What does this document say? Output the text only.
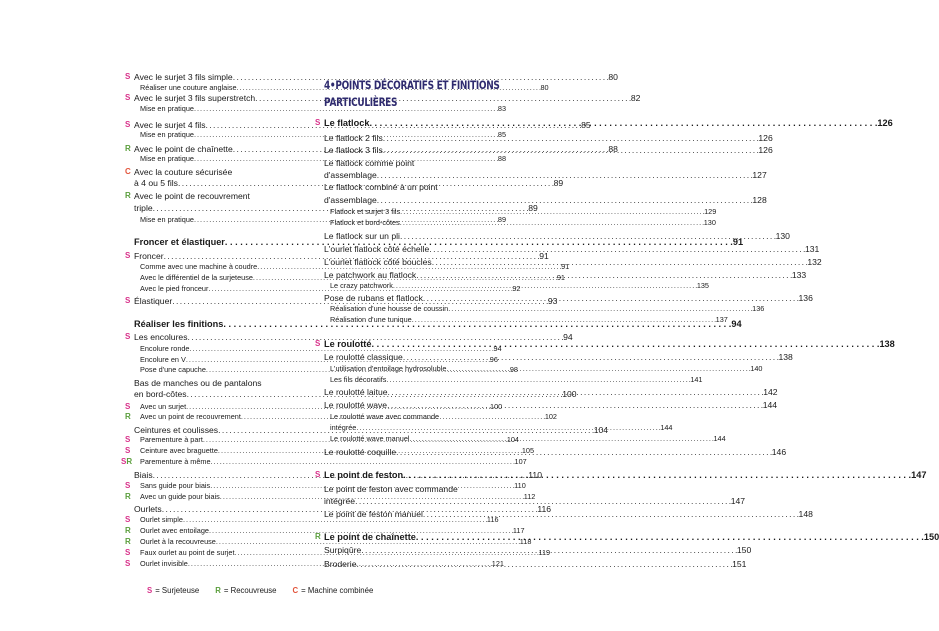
S Avec le surjet 3 fils simple . . .	80
Réaliser une couture anglaise . . .	80
S Avec le surjet 3 fils superstretch . . .	82
Mise en pratique . . .	83
S Avec le surjet 4 fils . . .	85
Mise en pratique . . .	85
R Avec le point de chaînette . . .	88
Mise en pratique . . .	88
C Avec la couture sécurisée
à 4 ou 5 fils . . .	89
R Avec le point de recouvrement
triple . . .	89
Mise en pratique . . .	89
Froncer et élastiquer . . .	91
S Froncer . . .	91
Comme avec une machine à coudre . . .	91
Avec le différentiel de la surjeteuse . . .	91
Avec le pied fronceur . . .	92
S Élastiquer . . .	93
Réaliser les finitions . . .	94
S Les encolures . . .	94
Encolure ronde . . .	94
Encolure en V . . .	96
Pose d'une capuche . . .	98
Bas de manches ou de pantalons
en bord-côtes . . .	100
S	Avec un surjet . . .	100
R	Avec un point de recouvrement . . .	102
Ceintures et coulisses . . .	104
S	Parementure à part . . .	104
S	Ceinture avec braguette . . .	105
SR	Parementure à même . . .	107
Biais . . .	110
S	Sans guide pour biais . . .	110
R	Avec un guide pour biais . . .	112
Ourlets . . .	116
S	Ourlet simple . . .	116
R	Ourlet avec entoilage . . .	117
R	Ourlet à la recouvreuse . . .	118
S	Faux ourlet au point de surjet . . .	119
S	Ourlet invisible . . .	121
4•POINTS DÉCORATIFS ET FINITIONS
PARTICULIÈRES
S Le flatlock . . .	126
Le flatlock 2 fils . . .	126
Le flatlock 3 fils . . .	126
Le flatlock comme point
d'assemblage . . .	127
Le flatlock combiné à un point
d'assemblage . . .	128
Flatlock et surjet 3 fils . . .	129
Flatlock et bord-côtes . . .	130
Le flatlock sur un pli . . .	130
L'ourlet flatlock côté échelle . . .	131
L'ourlet flatlock côté boucles . . .	132
Le patchwork au flatlock . . .	133
Le crazy patchwork . . .	135
Pose de rubans et flatlock . . .	136
Réalisation d'une housse de coussin . . .	136
Réalisation d'une tunique . . .	137
S Le roulotté . . .	138
Le roulotté classique . . .	138
L'utilisation d'entoilage hydrosoluble . . .	140
Les fils décoratifs . . .	141
Le roulotté laitue . . .	142
Le roulotté wave . . .	144
Le roulotté wave avec commande
intégrée . . .	144
Le roulotté wave manuel . . .	144
Le roulotté coquille . . .	146
S Le point de feston . . .	147
Le point de feston avec commande
intégrée . . .	147
Le point de feston manuel . . .	148
R Le point de chaînette . . .	150
Surpiqûre . . .	150
Broderie . . .	151
S = Surjeteuse R = Recouvreuse C = Machine combinée
